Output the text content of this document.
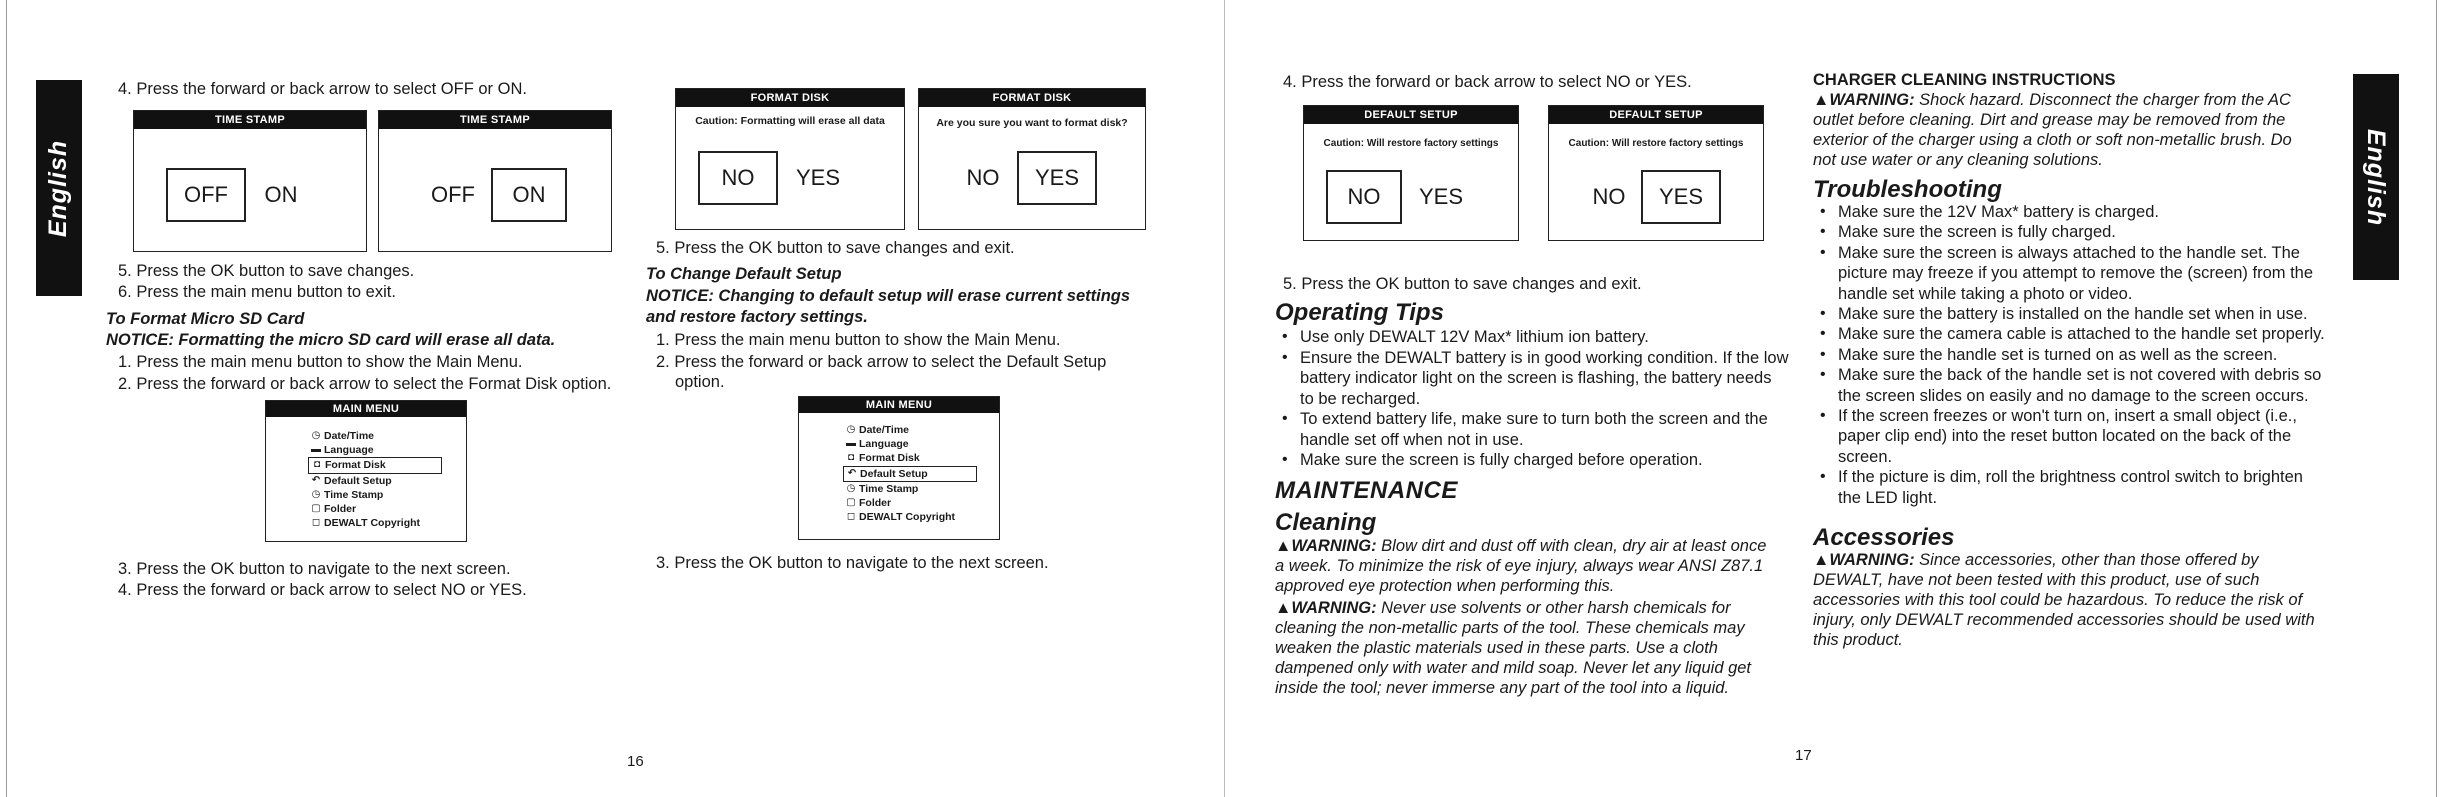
English	English
4. Press the forward or back arrow to select OFF or ON.
TIME STAMP
OFF	ON
TIME STAMP
OFF	ON
5. Press the OK button to save changes.
6. Press the main menu button to exit.
To Format Micro SD Card
NOTICE: Formatting the micro SD card will erase all data.
1. Press the main menu button to show the Main Menu.
2. Press the forward or back arrow to select the Format Disk option.
MAIN MENU
◷ Date/Time
▬ Language
◘ Format Disk
↶ Default Setup
◷ Time Stamp
▢ Folder
◻ DEWALT Copyright
3. Press the OK button to navigate to the next screen.
4. Press the forward or back arrow to select NO or YES.
FORMAT DISK
Caution: Formatting will erase all data
NO	YES
FORMAT DISK
Are you sure you want to format disk?
NO	YES
5. Press the OK button to save changes and exit.
To Change Default Setup
NOTICE: Changing to default setup will erase current settings
and restore factory settings.
1. Press the main menu button to show the Main Menu.
2. Press the forward or back arrow to select the Default Setup
option.
MAIN MENU
◷ Date/Time
▬ Language
◘ Format Disk
↶ Default Setup
◷ Time Stamp
▢ Folder
◻ DEWALT Copyright
3. Press the OK button to navigate to the next screen.
16
4. Press the forward or back arrow to select NO or YES.
DEFAULT SETUP
Caution: Will restore factory settings
NO	YES
DEFAULT SETUP
Caution: Will restore factory settings
NO	YES
5. Press the OK button to save changes and exit.
Operating Tips
• Use only DEWALT 12V Max* lithium ion battery.
• Ensure the DEWALT battery is in good working condition. If the low
battery indicator light on the screen is flashing, the battery needs
to be recharged.
• To extend battery life, make sure to turn both the screen and the
handle set off when not in use.
• Make sure the screen is fully charged before operation.
MAINTENANCE
Cleaning
▲WARNING: Blow dirt and dust off with clean, dry air at least once
a week. To minimize the risk of eye injury, always wear ANSI Z87.1
approved eye protection when performing this.
▲WARNING: Never use solvents or other harsh chemicals for
cleaning the non-metallic parts of the tool. These chemicals may
weaken the plastic materials used in these parts. Use a cloth
dampened only with water and mild soap. Never let any liquid get
inside the tool; never immerse any part of the tool into a liquid.
CHARGER CLEANING INSTRUCTIONS
▲WARNING: Shock hazard. Disconnect the charger from the AC
outlet before cleaning. Dirt and grease may be removed from the
exterior of the charger using a cloth or soft non-metallic brush. Do
not use water or any cleaning solutions.
Troubleshooting
• Make sure the 12V Max* battery is charged.
• Make sure the screen is fully charged.
• Make sure the screen is always attached to the handle set. The
picture may freeze if you attempt to remove the (screen) from the
handle set while taking a photo or video.
• Make sure the battery is installed on the handle set when in use.
• Make sure the camera cable is attached to the handle set properly.
• Make sure the handle set is turned on as well as the screen.
• Make sure the back of the handle set is not covered with debris so
the screen slides on easily and no damage to the screen occurs.
• If the screen freezes or won't turn on, insert a small object (i.e.,
paper clip end) into the reset button located on the back of the
screen.
• If the picture is dim, roll the brightness control switch to brighten
the LED light.
Accessories
▲WARNING: Since accessories, other than those offered by
DEWALT, have not been tested with this product, use of such
accessories with this tool could be hazardous. To reduce the risk of
injury, only DEWALT recommended accessories should be used with
this product.
17
